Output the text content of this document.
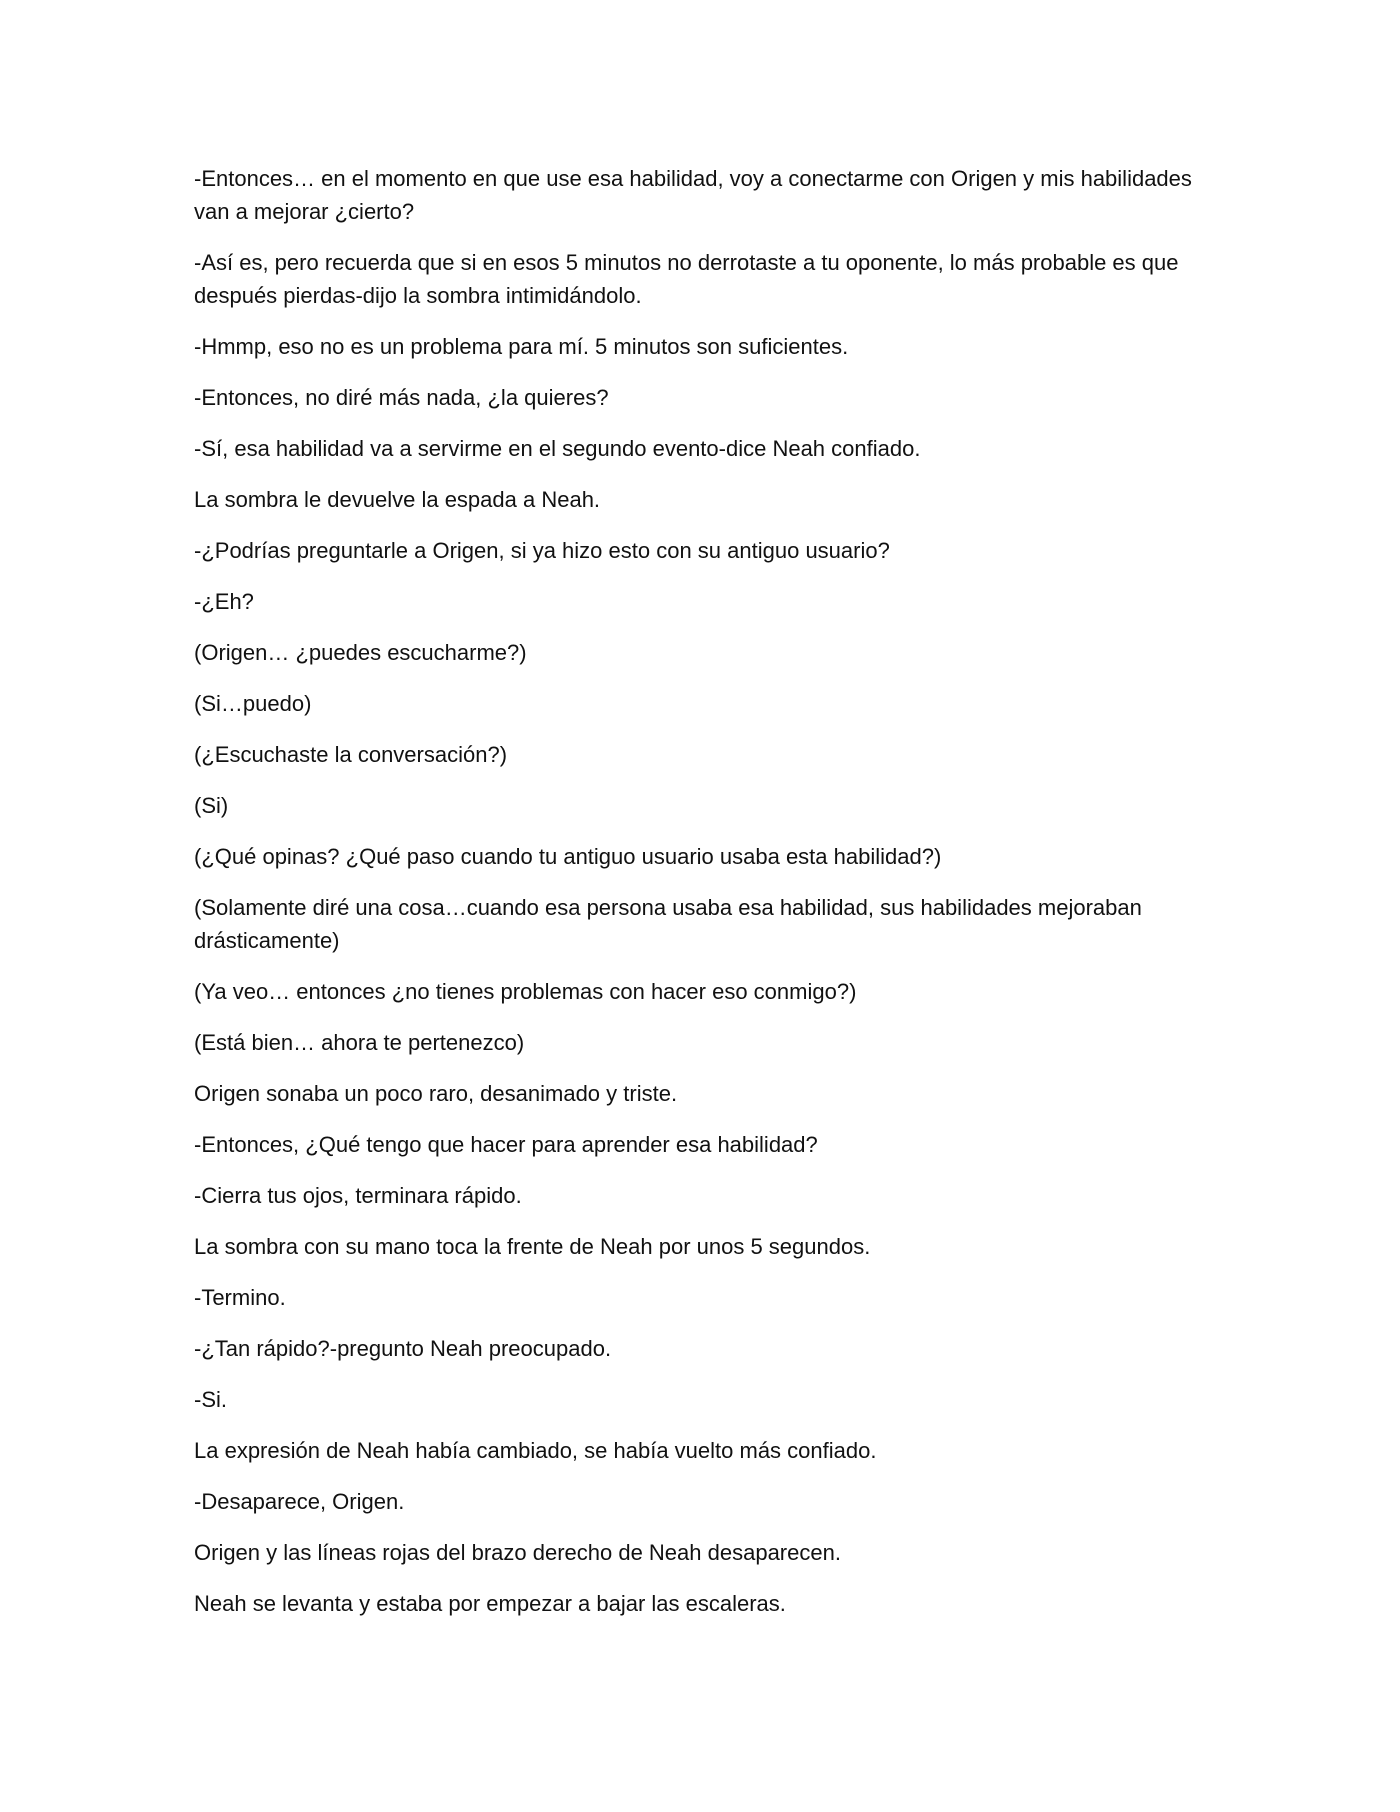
-Entonces… en el momento en que use esa habilidad, voy a conectarme con Origen y mis habilidades van a mejorar ¿cierto?

-Así es, pero recuerda que si en esos 5 minutos no derrotaste a tu oponente, lo más probable es que después pierdas-dijo la sombra intimidándolo.

-Hmmp, eso no es un problema para mí. 5 minutos son suficientes.

-Entonces, no diré más nada, ¿la quieres?

-Sí, esa habilidad va a servirme en el segundo evento-dice Neah confiado.

La sombra le devuelve la espada a Neah.

-¿Podrías preguntarle a Origen, si ya hizo esto con su antiguo usuario?

-¿Eh?

(Origen… ¿puedes escucharme?)

(Si…puedo)

(¿Escuchaste la conversación?)

(Si)

(¿Qué opinas? ¿Qué paso cuando tu antiguo usuario usaba esta habilidad?)

(Solamente diré una cosa…cuando esa persona usaba esa habilidad, sus habilidades mejoraban drásticamente)

(Ya veo… entonces ¿no tienes problemas con hacer eso conmigo?)

(Está bien… ahora te pertenezco)

Origen sonaba un poco raro, desanimado y triste.

-Entonces, ¿Qué tengo que hacer para aprender esa habilidad?

-Cierra tus ojos, terminara rápido.

La sombra con su mano toca la frente de Neah por unos 5 segundos.

-Termino.

-¿Tan rápido?-pregunto Neah preocupado.

-Si.

La expresión de Neah había cambiado, se había vuelto más confiado.

-Desaparece, Origen.

Origen y las líneas rojas del brazo derecho de Neah desaparecen.

Neah se levanta y estaba por empezar a bajar las escaleras.
